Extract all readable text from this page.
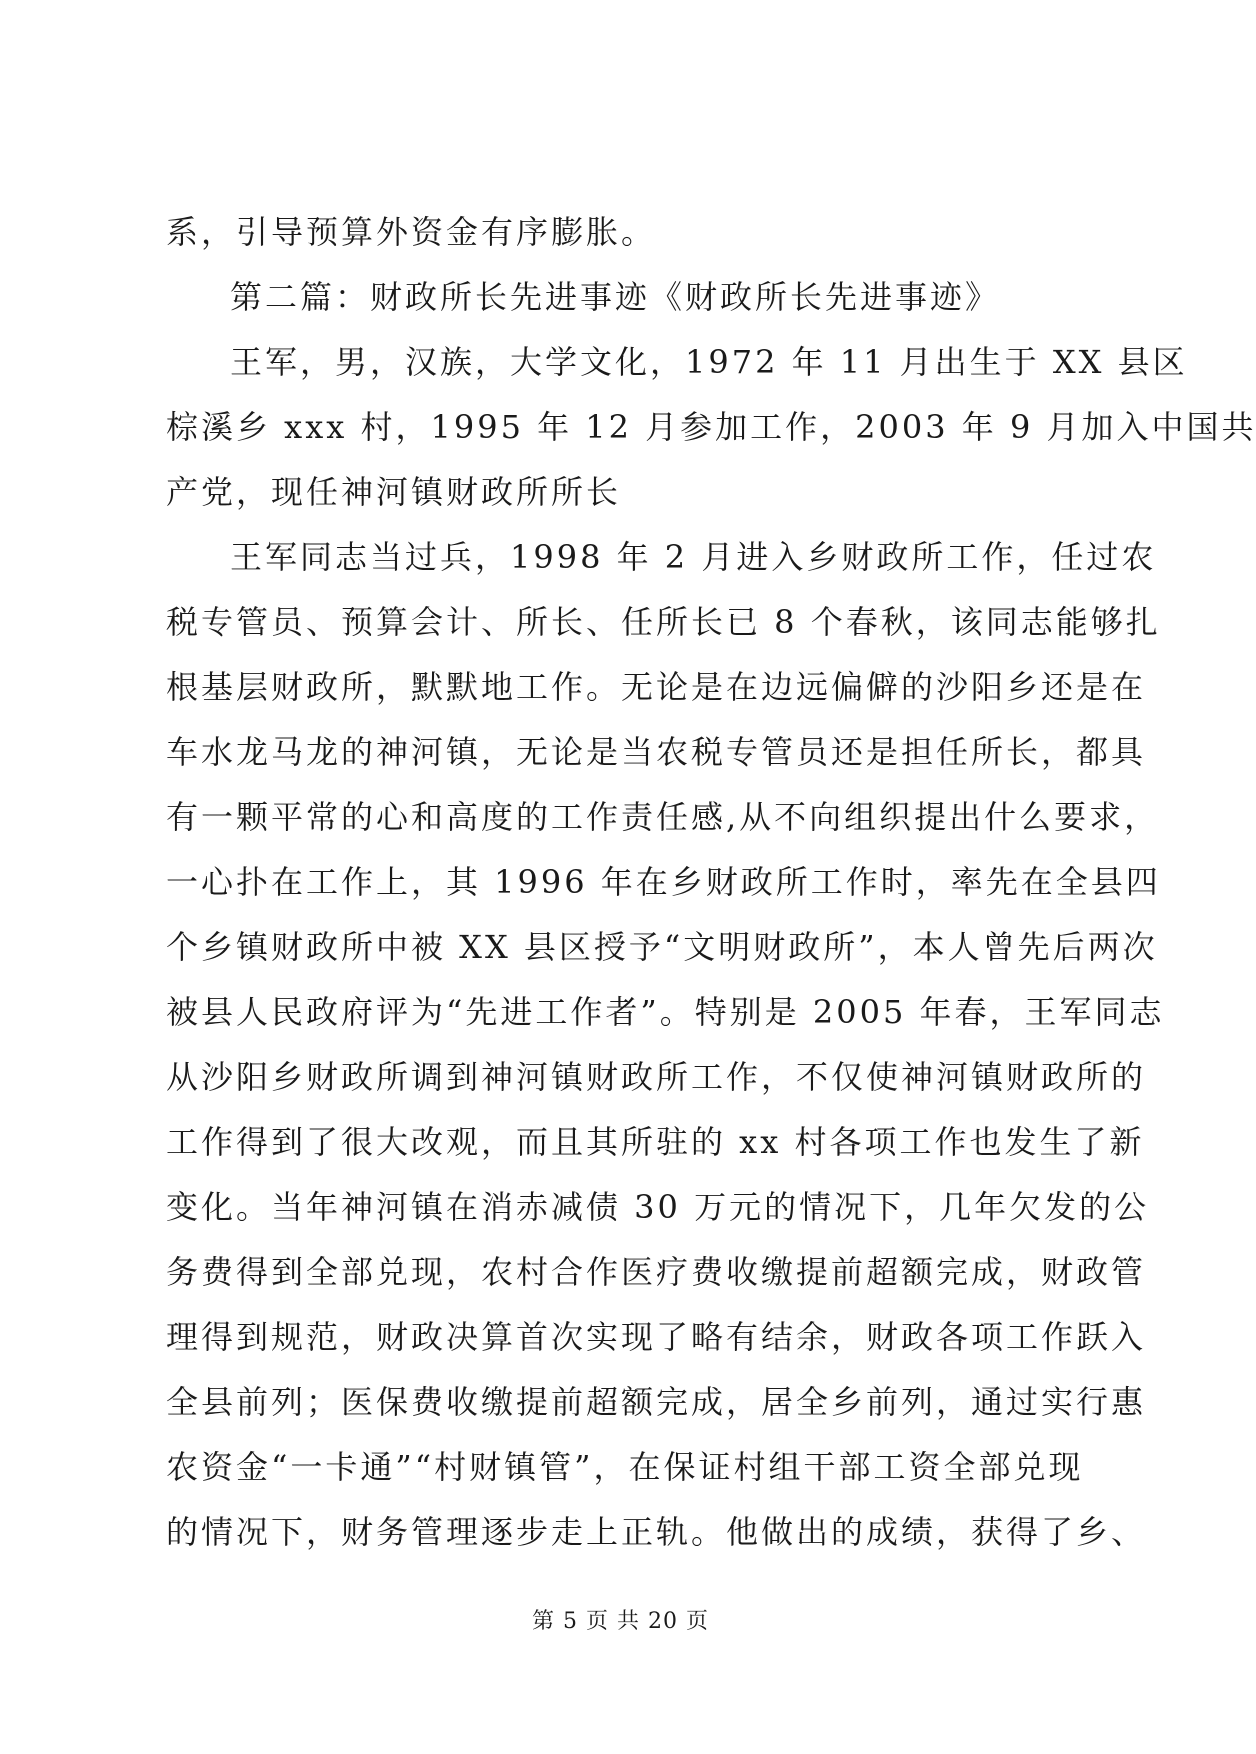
系，引导预算外资金有序膨胀。
第二篇：财政所长先进事迹《财政所长先进事迹》
王军，男，汉族，大学文化，1972 年 11 月出生于 XX 县区
棕溪乡 xxx 村，1995 年 12 月参加工作，2003 年 9 月加入中国共
产党，现任神河镇财政所所长
王军同志当过兵，1998 年 2 月进入乡财政所工作，任过农
税专管员、预算会计、所长、任所长已 8 个春秋，该同志能够扎
根基层财政所，默默地工作。无论是在边远偏僻的沙阳乡还是在
车水龙马龙的神河镇，无论是当农税专管员还是担任所长，都具
有一颗平常的心和高度的工作责任感,从不向组织提出什么要求，
一心扑在工作上，其 1996 年在乡财政所工作时，率先在全县四
个乡镇财政所中被 XX 县区授予“文明财政所”，本人曾先后两次
被县人民政府评为“先进工作者”。特别是 2005 年春，王军同志
从沙阳乡财政所调到神河镇财政所工作，不仅使神河镇财政所的
工作得到了很大改观，而且其所驻的 xx 村各项工作也发生了新
变化。当年神河镇在消赤减债 30 万元的情况下，几年欠发的公
务费得到全部兑现，农村合作医疗费收缴提前超额完成，财政管
理得到规范，财政决算首次实现了略有结余，财政各项工作跃入
全县前列；医保费收缴提前超额完成，居全乡前列，通过实行惠
农资金“一卡通”“村财镇管”，在保证村组干部工资全部兑现
的情况下，财务管理逐步走上正轨。他做出的成绩，获得了乡、
第 5 页 共 20 页
